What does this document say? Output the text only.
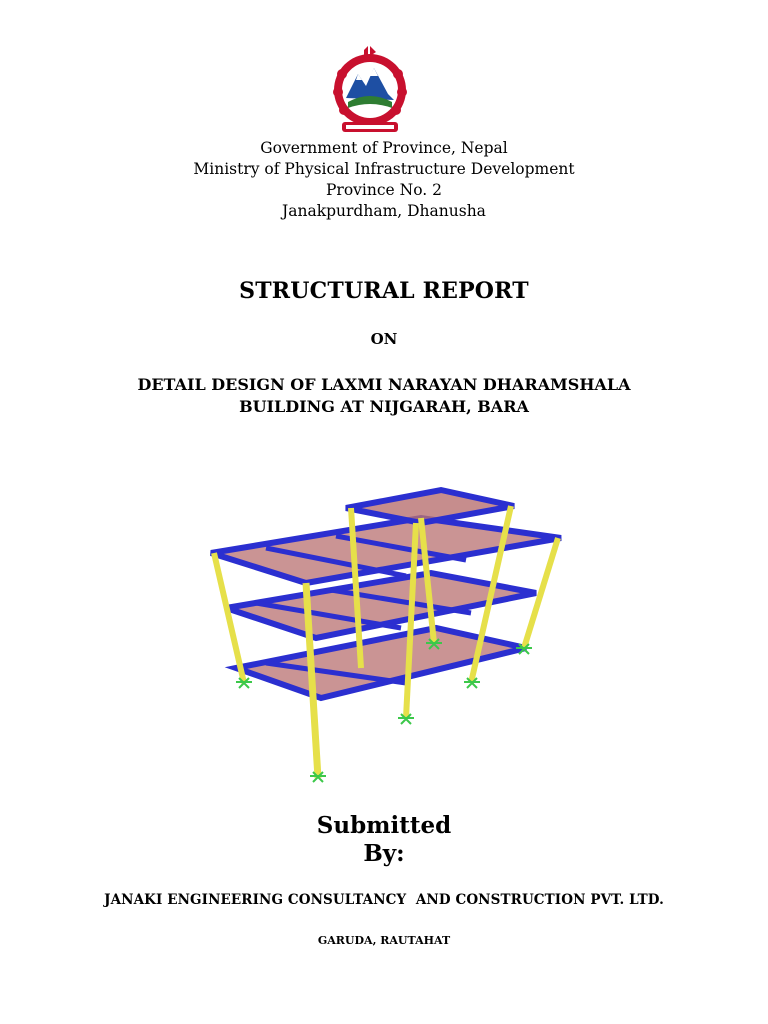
Government of Province, Nepal
Ministry of Physical Infrastructure Development
Province No. 2
Janakpurdham, Dhanusha
STRUCTURAL REPORT
ON
DETAIL DESIGN OF LAXMI NARAYAN DHARAMSHALA
BUILDING AT NIJGARAH, BARA
Submitted
By:
JANAKI ENGINEERING CONSULTANCY  AND CONSTRUCTION PVT. LTD.
GARUDA, RAUTAHAT
